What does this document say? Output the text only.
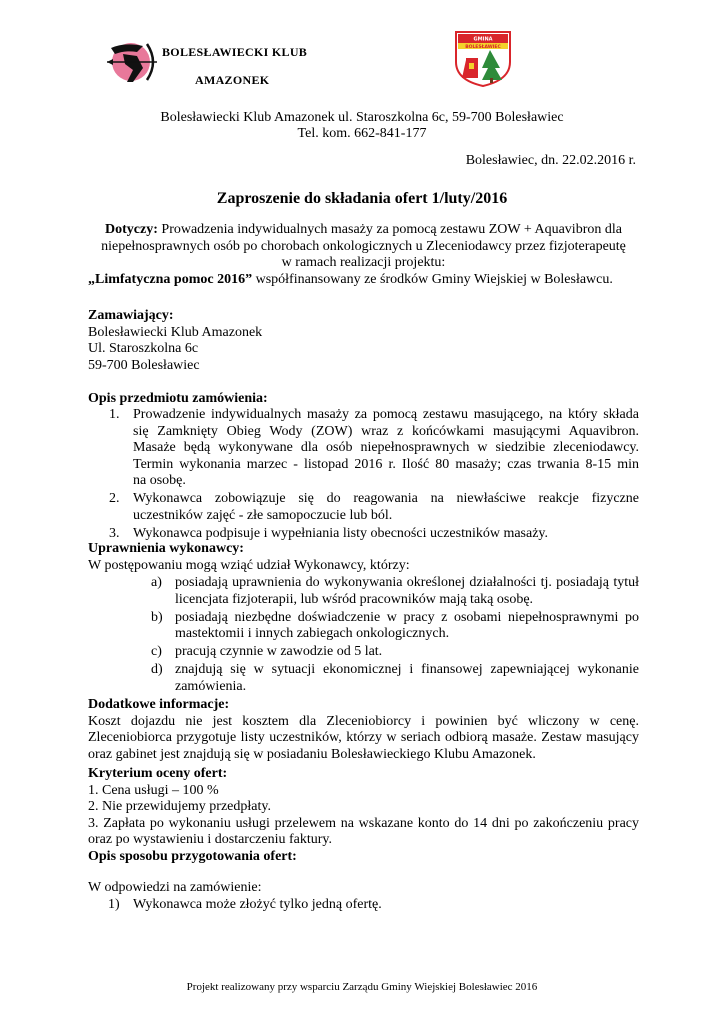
BOLESŁAWIECKI KLUB
AMAZONEK
GMINA
BOLESŁAWIEC
Bolesławiecki Klub Amazonek ul. Staroszkolna 6c, 59-700 Bolesławiec
Tel. kom. 662-841-177
Bolesławiec, dn. 22.02.2016 r.
Zaproszenie do składania ofert 1/luty/2016
Dotyczy: Prowadzenia indywidualnych masaży za pomocą zestawu ZOW + Aquavibron dla
niepełnosprawnych osób po chorobach onkologicznych u Zleceniodawcy przez fizjoterapeutę
w ramach realizacji projektu:
„Limfatyczna pomoc 2016” współfinansowany ze środków Gminy Wiejskiej w Bolesławcu.
Zamawiający:
Bolesławiecki Klub Amazonek
Ul. Staroszkolna 6c
59-700 Bolesławiec
Opis przedmiotu zamówienia:
1. Prowadzenie indywidualnych masaży za pomocą zestawu masującego, na który składa
się Zamknięty Obieg Wody (ZOW) wraz z końcówkami masującymi Aquavibron.
Masaże będą wykonywane dla osób niepełnosprawnych w siedzibie zleceniodawcy.
Termin wykonania marzec - listopad 2016 r. Ilość 80 masaży; czas trwania 8-15 min
na osobę.
2. Wykonawca zobowiązuje się do reagowania na niewłaściwe reakcje fizyczne
uczestników zajęć - złe samopoczucie lub ból.
3. Wykonawca podpisuje i wypełniania listy obecności uczestników masaży.
Uprawnienia wykonawcy:
W postępowaniu mogą wziąć udział Wykonawcy, którzy:
a) posiadają uprawnienia do wykonywania określonej działalności tj. posiadają tytuł
licencjata fizjoterapii, lub wśród pracowników mają taką osobę.
b) posiadają niezbędne doświadczenie w pracy z osobami niepełnosprawnymi po
mastektomii i innych zabiegach onkologicznych.
c) pracują czynnie w zawodzie od 5 lat.
d) znajdują się w sytuacji ekonomicznej i finansowej zapewniającej wykonanie
zamówienia.
Dodatkowe informacje:
Koszt dojazdu nie jest kosztem dla Zleceniobiorcy i powinien być wliczony w cenę.
Zleceniobiorca przygotuje listy uczestników, którzy w seriach odbiorą masaże. Zestaw masujący
oraz gabinet jest znajdują się w posiadaniu Bolesławieckiego Klubu Amazonek.
Kryterium oceny ofert:
1. Cena usługi – 100 %
2. Nie przewidujemy przedpłaty.
3. Zapłata po wykonaniu usługi przelewem na wskazane konto do 14 dni po zakończeniu pracy
oraz po wystawieniu i dostarczeniu faktury.
Opis sposobu przygotowania ofert:
W odpowiedzi na zamówienie:
1) Wykonawca może złożyć tylko jedną ofertę.
Projekt realizowany przy wsparciu Zarządu Gminy Wiejskiej Bolesławiec 2016
